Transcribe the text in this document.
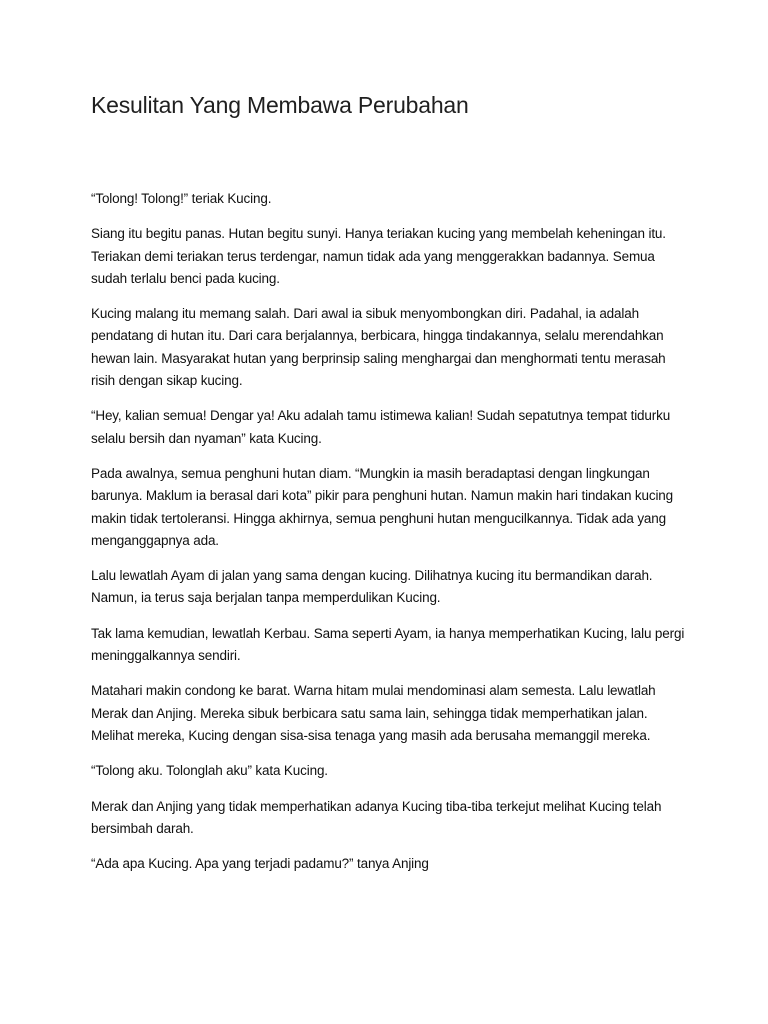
Kesulitan Yang Membawa Perubahan

“Tolong! Tolong!” teriak Kucing.

Siang itu begitu panas. Hutan begitu sunyi. Hanya teriakan kucing yang membelah keheningan itu. Teriakan demi teriakan terus terdengar, namun tidak ada yang menggerakkan badannya. Semua sudah terlalu benci pada kucing.

Kucing malang itu memang salah. Dari awal ia sibuk menyombongkan diri. Padahal, ia adalah pendatang di hutan itu. Dari cara berjalannya, berbicara, hingga tindakannya, selalu merendahkan hewan lain. Masyarakat hutan yang berprinsip saling menghargai dan menghormati tentu merasah risih dengan sikap kucing.

“Hey, kalian semua! Dengar ya! Aku adalah tamu istimewa kalian! Sudah sepatutnya tempat tidurku selalu bersih dan nyaman” kata Kucing.

Pada awalnya, semua penghuni hutan diam. “Mungkin ia masih beradaptasi dengan lingkungan barunya. Maklum ia berasal dari kota” pikir para penghuni hutan. Namun makin hari tindakan kucing makin tidak tertoleransi. Hingga akhirnya, semua penghuni hutan mengucilkannya. Tidak ada yang menganggapnya ada.

Lalu lewatlah Ayam di jalan yang sama dengan kucing. Dilihatnya kucing itu bermandikan darah. Namun, ia terus saja berjalan tanpa memperdulikan Kucing.

Tak lama kemudian, lewatlah Kerbau. Sama seperti Ayam, ia hanya memperhatikan Kucing, lalu pergi meninggalkannya sendiri.

Matahari makin condong ke barat. Warna hitam mulai mendominasi alam semesta. Lalu lewatlah Merak dan Anjing. Mereka sibuk berbicara satu sama lain, sehingga tidak memperhatikan jalan. Melihat mereka, Kucing dengan sisa-sisa tenaga yang masih ada berusaha memanggil mereka.

“Tolong aku. Tolonglah aku” kata Kucing.

Merak dan Anjing yang tidak memperhatikan adanya Kucing tiba-tiba terkejut melihat Kucing telah bersimbah darah.

“Ada apa Kucing. Apa yang terjadi padamu?” tanya Anjing
